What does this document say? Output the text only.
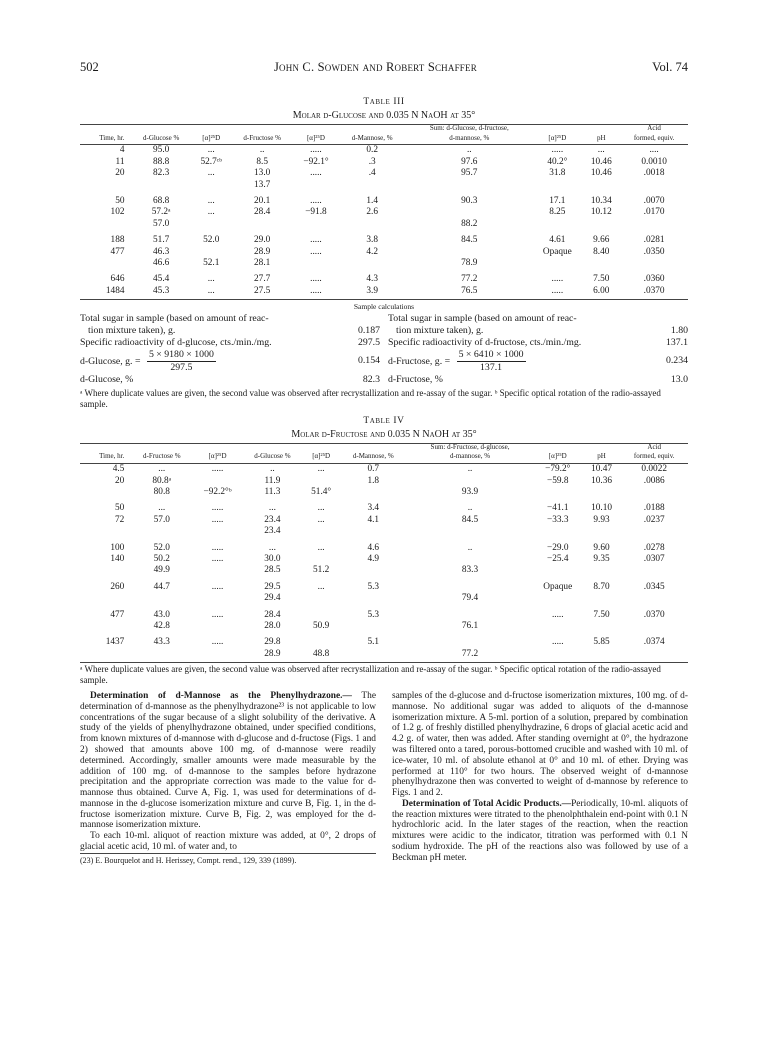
502	John C. Sowden and Robert Schaffer	Vol. 74
Table III
Molar d-Glucose and 0.035 N NaOH at 35°
						Sum: d-Glucose, d-fructose,			Acid
Time, hr.	d-Glucose %	[α]²⁵D	d-Fructose %	[α]²⁵D	d-Mannose, %	d-mannose, %	[α]²⁵D	pH	formed, equiv.
4	95.0	...	..	.....	0.2	..	.....	...	....
11	88.8	52.7ᶜᵇ	8.5	−92.1°	.3	97.6	40.2°	10.46	0.0010
20	82.3	...	13.0	.....	.4	95.7	31.8	10.46	.0018
			13.7						
50	68.8	...	20.1	.....	1.4	90.3	17.1	10.34	.0070
102	57.2ᵃ	...	28.4	−91.8	2.6		8.25	10.12	.0170
	57.0					88.2			
188	51.7	52.0	29.0	.....	3.8	84.5	4.61	9.66	.0281
477	46.3		28.9	.....	4.2		Opaque	8.40	.0350
	46.6	52.1	28.1			78.9			
646	45.4	...	27.7	.....	4.3	77.2	.....	7.50	.0360
1484	45.3	...	27.5	.....	3.9	76.5	.....	6.00	.0370
Sample calculations
Total sugar in sample (based on amount of reac-
tion mixture taken), g.	0.187
Specific radioactivity of d-glucose, cts./min./mg.	297.5
d-Glucose, g. = $\frac{5 \times 9180 \times 1000}{297.5}$	0.154
d-Glucose, %	82.3
Total sugar in sample (based on amount of reac-
tion mixture taken), g.	1.80
Specific radioactivity of d-fructose, cts./min./mg.	137.1
d-Fructose, g. = $\frac{5 \times 6410 \times 1000}{137.1}$	0.234
d-Fructose, %	13.0
ᵃ Where duplicate values are given, the second value was observed after recrystallization and re-assay of the sugar. ᵇ Specific optical rotation of the radio-assayed sample.
Table IV
Molar d-Fructose and 0.035 N NaOH at 35°
						Sum: d-Fructose, d-glucose,			Acid
Time, hr.	d-Fructose %	[α]²⁵D	d-Glucose %	[α]²⁵D	d-Mannose, %	d-mannose, %	[α]²⁵D	pH	formed, equiv.
4.5	...	.....	..	...	0.7	..	−79.2°	10.47	0.0022
20	80.8ᵃ		11.9		1.8		−59.8	10.36	.0086
	80.8	−92.2°ᵇ	11.3	51.4°		93.9			
50	...	.....	...	...	3.4	..	−41.1	10.10	.0188
72	57.0	.....	23.4	...	4.1	84.5	−33.3	9.93	.0237
			23.4						
100	52.0	.....	...	...	4.6	..	−29.0	9.60	.0278
140	50.2	.....	30.0		4.9		−25.4	9.35	.0307
	49.9		28.5	51.2		83.3			
260	44.7	.....	29.5	...	5.3		Opaque	8.70	.0345
			29.4			79.4			
477	43.0	.....	28.4		5.3		.....	7.50	.0370
	42.8		28.0	50.9		76.1			
1437	43.3	.....	29.8		5.1		.....	5.85	.0374
			28.9	48.8		77.2			
ᵃ Where duplicate values are given, the second value was observed after recrystallization and re-assay of the sugar. ᵇ Specific optical rotation of the radio-assayed sample.

Determination of d-Mannose as the Phenylhydrazone.— The determination of d-mannose as the phenylhydrazone²³ is not applicable to low concentrations of the sugar because of a slight solubility of the derivative. A study of the yields of phenylhydrazone obtained, under specified conditions, from known mixtures of d-mannose with d-glucose and d-fructose (Figs. 1 and 2) showed that amounts above 100 mg. of d-mannose were readily determined. Accordingly, smaller amounts were made measurable by the addition of 100 mg. of d-mannose to the samples before hydrazone precipitation and the appropriate correction was made to the value for d-mannose thus obtained. Curve A, Fig. 1, was used for determinations of d-mannose in the d-glucose isomerization mixture and curve B, Fig. 1, in the d-fructose isomerization mixture. Curve B, Fig. 2, was employed for the d-mannose isomerization mixture.

To each 10-ml. aliquot of reaction mixture was added, at 0°, 2 drops of glacial acetic acid, 10 ml. of water and, to

(23) E. Bourquelot and H. Herissey, Compt. rend., 129, 339 (1899).

samples of the d-glucose and d-fructose isomerization mixtures, 100 mg. of d-mannose. No additional sugar was added to aliquots of the d-mannose isomerization mixture. A 5-ml. portion of a solution, prepared by combination of 1.2 g. of freshly distilled phenylhydrazine, 6 drops of glacial acetic acid and 4.2 g. of water, then was added. After standing overnight at 0°, the hydrazone was filtered onto a tared, porous-bottomed crucible and washed with 10 ml. of ice-water, 10 ml. of absolute ethanol at 0° and 10 ml. of ether. Drying was performed at 110° for two hours. The observed weight of d-mannose phenylhydrazone then was converted to weight of d-mannose by reference to Figs. 1 and 2.

Determination of Total Acidic Products.—Periodically, 10-ml. aliquots of the reaction mixtures were titrated to the phenolphthalein end-point with 0.1 N hydrochloric acid. In the later stages of the reaction, when the reaction mixtures were acidic to the indicator, titration was performed with 0.1 N sodium hydroxide. The pH of the reactions also was followed by use of a Beckman pH meter.
